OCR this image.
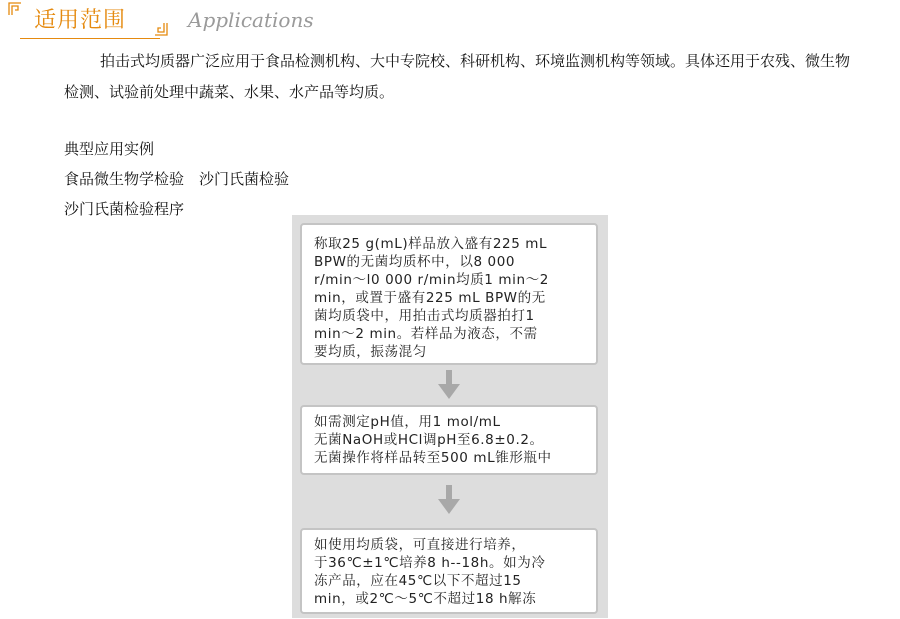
适用范围	Applications
拍击式均质器广泛应用于食品检测机构、大中专院校、科研机构、环境监测机构等领域。具体还用于农残、微生物检测、试验前处理中蔬菜、水果、水产品等均质。
典型应用实例
食品微生物学检验　沙门氏菌检验
沙门氏菌检验程序
称取25 g(mL)样品放入盛有225 mL
BPW的无菌均质杯中，以8 000
r/min～l0 000 r/min均质1 min～2
min，或置于盛有225 mL BPW的无
菌均质袋中，用拍击式均质器拍打1
min～2 min。若样品为液态，不需
要均质，振荡混匀
如需测定pH值，用1 mol/mL
无菌NaOH或HCl调pH至6.8±0.2。
无菌操作将样品转至500 mL锥形瓶中
如使用均质袋，可直接进行培养，
于36℃±1℃培养8 h--18h。如为冷
冻产品，应在45℃以下不超过15
min，或2℃～5℃不超过18 h解冻
